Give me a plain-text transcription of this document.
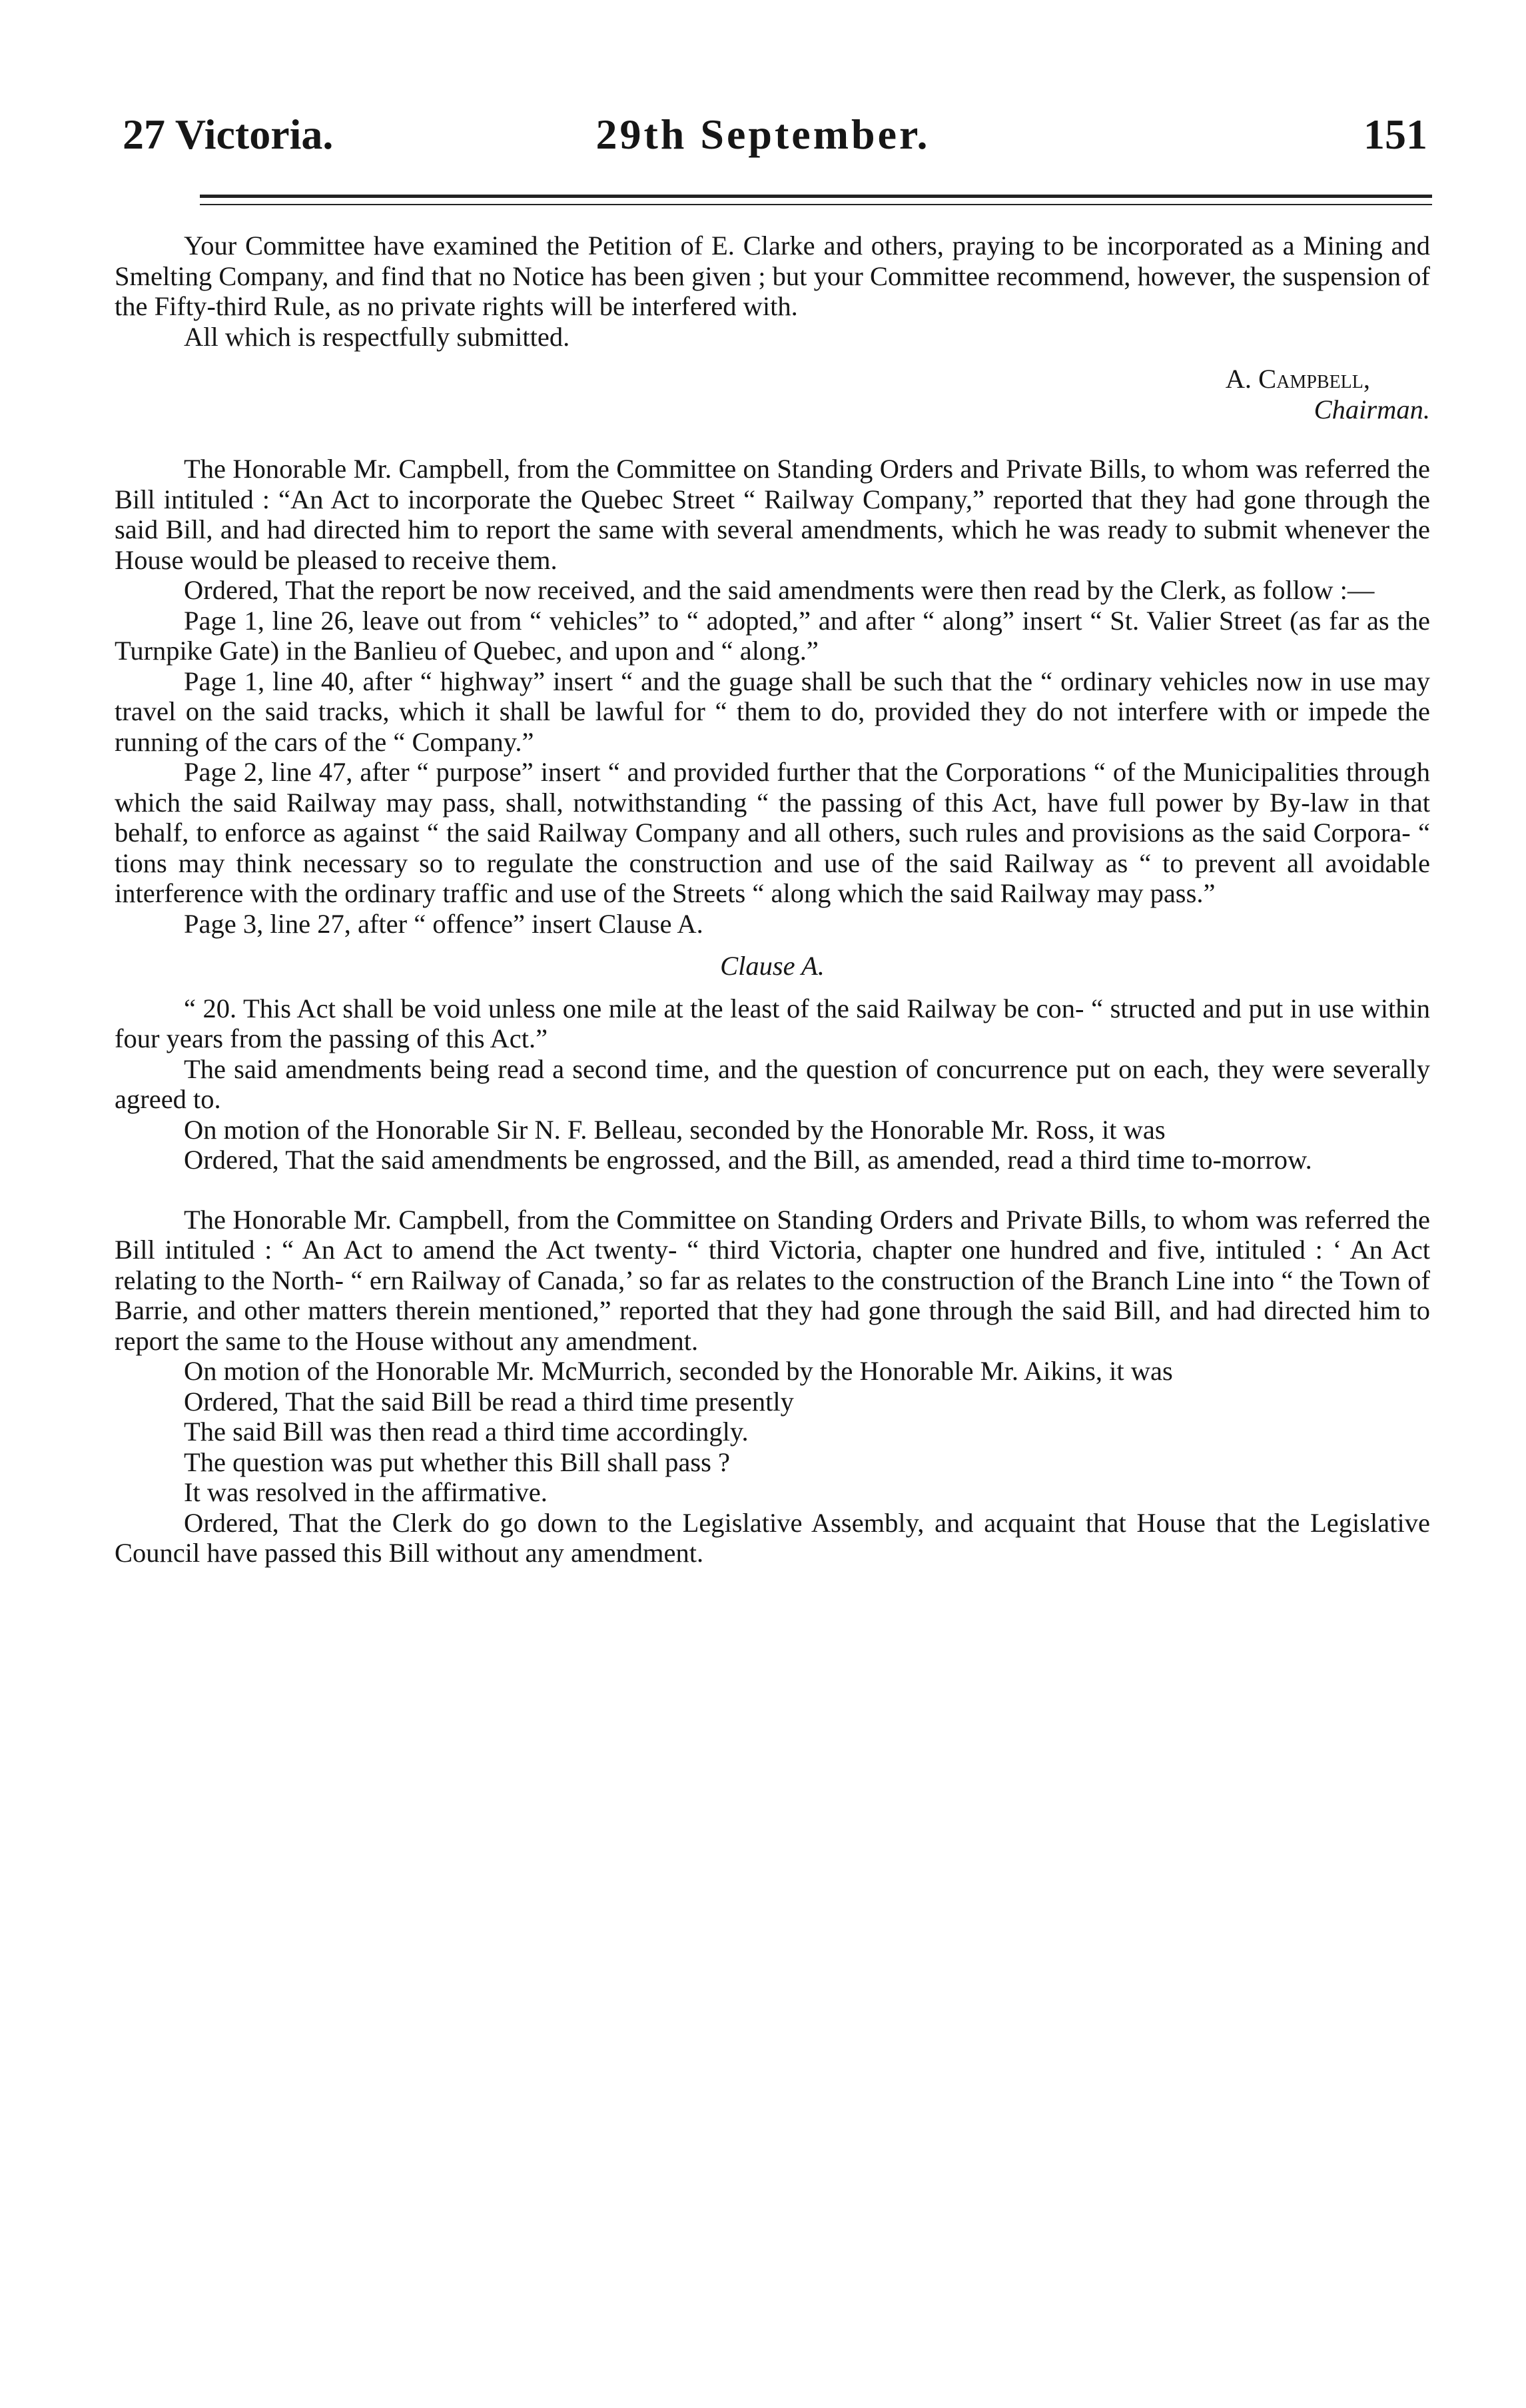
27 Victoria.	29th September.	151

Your Committee have examined the Petition of E. Clarke and others, praying to be incorporated as a Mining and Smelting Company, and find that no Notice has been given ; but your Committee recommend, however, the suspension of the Fifty-third Rule, as no private rights will be interfered with.

All which is respectfully submitted.

A. Campbell,

Chairman.

The Honorable Mr. Campbell, from the Committee on Standing Orders and Private Bills, to whom was referred the Bill intituled : “An Act to incorporate the Quebec Street “ Railway Company,” reported that they had gone through the said Bill, and had directed him to report the same with several amendments, which he was ready to submit whenever the House would be pleased to receive them.

Ordered, That the report be now received, and the said amendments were then read by the Clerk, as follow :—

Page 1, line 26, leave out from “ vehicles” to “ adopted,” and after “ along” insert “ St. Valier Street (as far as the Turnpike Gate) in the Banlieu of Quebec, and upon and “ along.”

Page 1, line 40, after “ highway” insert “ and the guage shall be such that the “ ordinary vehicles now in use may travel on the said tracks, which it shall be lawful for “ them to do, provided they do not interfere with or impede the running of the cars of the “ Company.”

Page 2, line 47, after “ purpose” insert “ and provided further that the Corporations “ of the Municipalities through which the said Railway may pass, shall, notwithstanding “ the passing of this Act, have full power by By-law in that behalf, to enforce as against “ the said Railway Company and all others, such rules and provisions as the said Corpora- “ tions may think necessary so to regulate the construction and use of the said Railway as “ to prevent all avoidable interference with the ordinary traffic and use of the Streets “ along which the said Railway may pass.”

Page 3, line 27, after “ offence” insert Clause A.

Clause A.

“ 20. This Act shall be void unless one mile at the least of the said Railway be con- “ structed and put in use within four years from the passing of this Act.”

The said amendments being read a second time, and the question of concurrence put on each, they were severally agreed to.

On motion of the Honorable Sir N. F. Belleau, seconded by the Honorable Mr. Ross, it was

Ordered, That the said amendments be engrossed, and the Bill, as amended, read a third time to-morrow.

The Honorable Mr. Campbell, from the Committee on Standing Orders and Private Bills, to whom was referred the Bill intituled : “ An Act to amend the Act twenty- “ third Victoria, chapter one hundred and five, intituled : ‘ An Act relating to the North- “ ern Railway of Canada,’ so far as relates to the construction of the Branch Line into “ the Town of Barrie, and other matters therein mentioned,” reported that they had gone through the said Bill, and had directed him to report the same to the House without any amendment.

On motion of the Honorable Mr. McMurrich, seconded by the Honorable Mr. Aikins, it was

Ordered, That the said Bill be read a third time presently

The said Bill was then read a third time accordingly.

The question was put whether this Bill shall pass ?

It was resolved in the affirmative.

Ordered, That the Clerk do go down to the Legislative Assembly, and acquaint that House that the Legislative Council have passed this Bill without any amendment.
